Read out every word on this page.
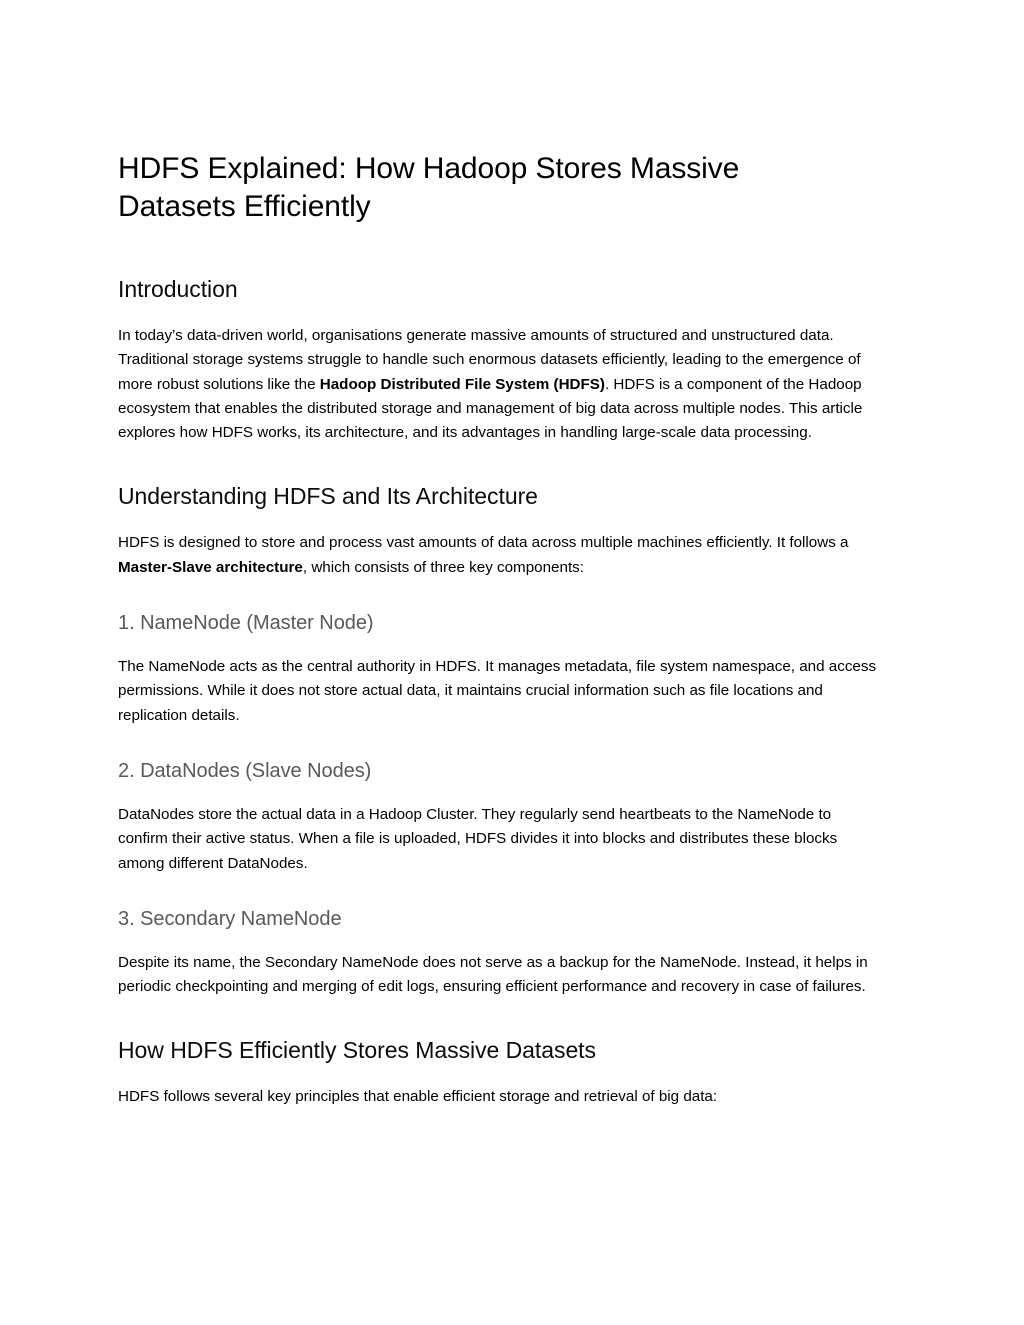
HDFS Explained: How Hadoop Stores Massive Datasets Efficiently
Introduction

In today’s data-driven world, organisations generate massive amounts of structured and unstructured data. Traditional storage systems struggle to handle such enormous datasets efficiently, leading to the emergence of more robust solutions like the Hadoop Distributed File System (HDFS). HDFS is a component of the Hadoop ecosystem that enables the distributed storage and management of big data across multiple nodes. This article explores how HDFS works, its architecture, and its advantages in handling large-scale data processing.

Understanding HDFS and Its Architecture

HDFS is designed to store and process vast amounts of data across multiple machines efficiently. It follows a Master-Slave architecture, which consists of three key components:

1. NameNode (Master Node)

The NameNode acts as the central authority in HDFS. It manages metadata, file system namespace, and access permissions. While it does not store actual data, it maintains crucial information such as file locations and replication details.

2. DataNodes (Slave Nodes)

DataNodes store the actual data in a Hadoop Cluster. They regularly send heartbeats to the NameNode to confirm their active status. When a file is uploaded, HDFS divides it into blocks and distributes these blocks among different DataNodes.

3. Secondary NameNode

Despite its name, the Secondary NameNode does not serve as a backup for the NameNode. Instead, it helps in periodic checkpointing and merging of edit logs, ensuring efficient performance and recovery in case of failures.

How HDFS Efficiently Stores Massive Datasets

HDFS follows several key principles that enable efficient storage and retrieval of big data:
